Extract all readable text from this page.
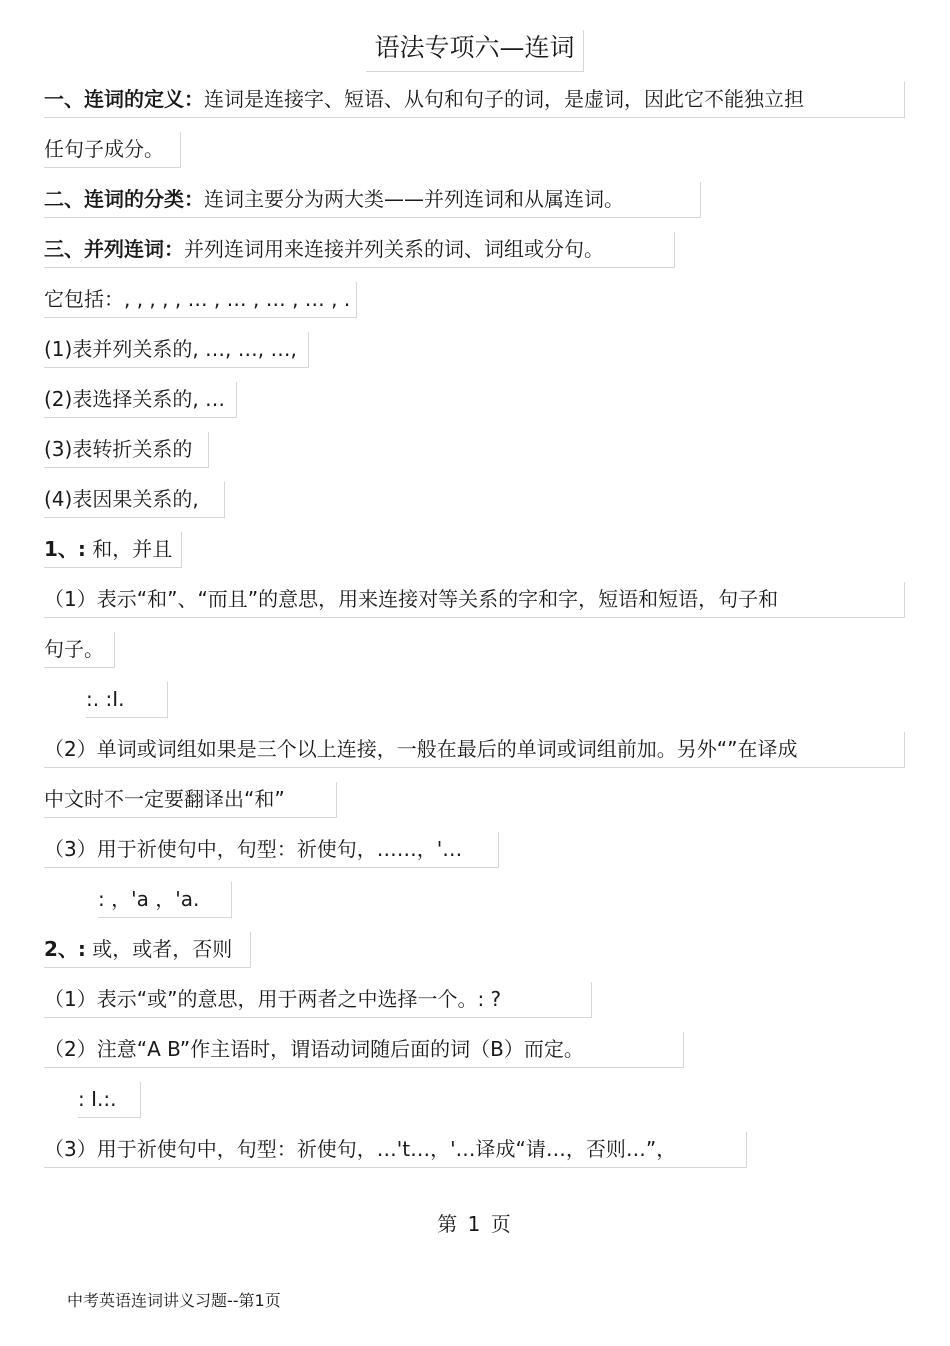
语法专项六—连词
一、连词的定义：连词是连接字、短语、从句和句子的词，是虚词，因此它不能独立担
任句子成分。
二、连词的分类：连词主要分为两大类——并列连词和从属连词。
三、并列连词：并列连词用来连接并列关系的词、词组或分句。
它包括：, , , , , … , … , … , … , .
(1)表并列关系的, …, …, …,
(2)表选择关系的, …
(3)表转折关系的
(4)表因果关系的,
1、: 和，并且
（1）表示“和”、“而且”的意思，用来连接对等关系的字和字，短语和短语，句子和
句子。
:. :I.
（2）单词或词组如果是三个以上连接，一般在最后的单词或词组前加。另外“”在译成
中文时不一定要翻译出“和”
（3）用于祈使句中，句型：祈使句，……，'…
: ，'a ，'a.
2、: 或，或者，否则
（1）表示“或”的意思，用于两者之中选择一个。: ?
（2）注意“A B”作主语时，谓语动词随后面的词（B）而定。
: I.:.
（3）用于祈使句中，句型：祈使句，…'t…，'…译成“请…，否则…”，
第 1 页
中考英语连词讲义习题--第1页
